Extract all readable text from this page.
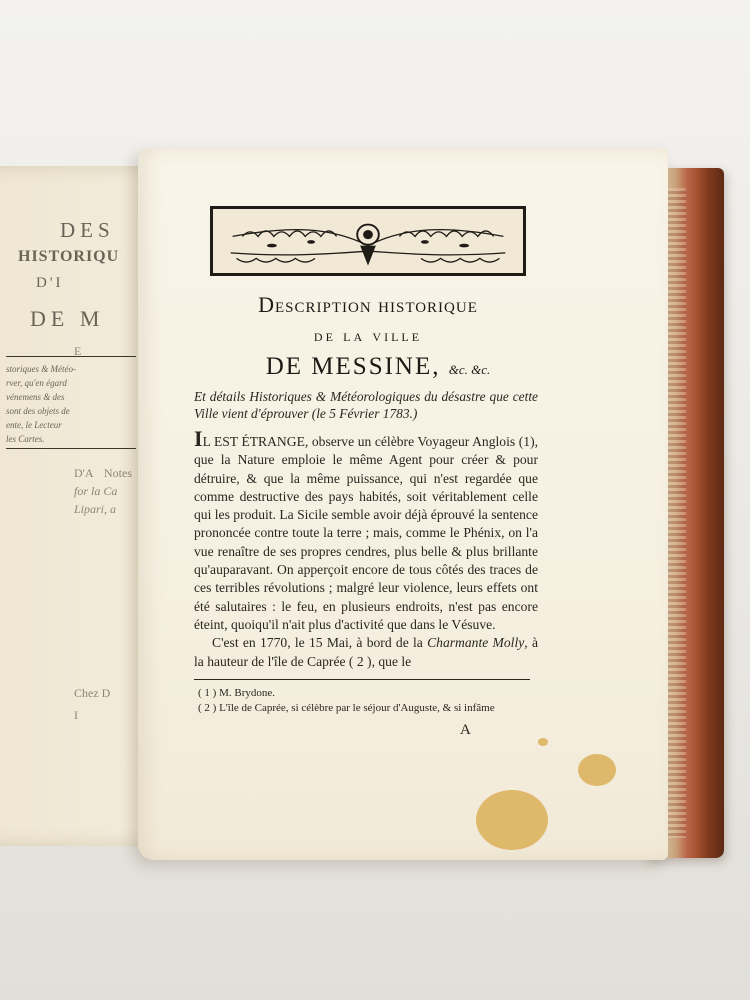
DES
HISTORIQU
D'I
DE M
storiques & Météo-
rver, qu'en égard
vénemens & des
sont des objets de
ente, le Lecteur
les Cartes.
E
D'A Notes
for la Ca
Lipari, a
Chez D
I
Description historique
de la ville
DE MESSINE, &c. &c.
Et détails Historiques & Météorologiques du désastre que cette Ville vient d'éprouver (le 5 Février 1783.)

IL EST ÉTRANGE, observe un célèbre Voyageur Anglois (1), que la Nature emploie le même Agent pour créer & pour détruire, & que la même puissance, qui n'est regardée que comme destructive des pays habités, soit véritablement celle qui les produit. La Sicile semble avoir déjà éprouvé la sentence prononcée contre toute la terre ; mais, comme le Phénix, on l'a vue renaître de ses propres cendres, plus belle & plus brillante qu'auparavant. On apperçoit encore de tous côtés des traces de ces terribles révolutions ; malgré leur violence, leurs effets ont été salutaires : le feu, en plusieurs endroits, n'est pas encore éteint, quoiqu'il n'ait plus d'activité que dans le Vésuve.

C'est en 1770, le 15 Mai, à bord de la Charmante Molly, à la hauteur de l'île de Caprée ( 2 ), que le

( 1 ) M. Brydone.
( 2 ) L'île de Caprée, si célèbre par le séjour d'Auguste, & si infâme
A
